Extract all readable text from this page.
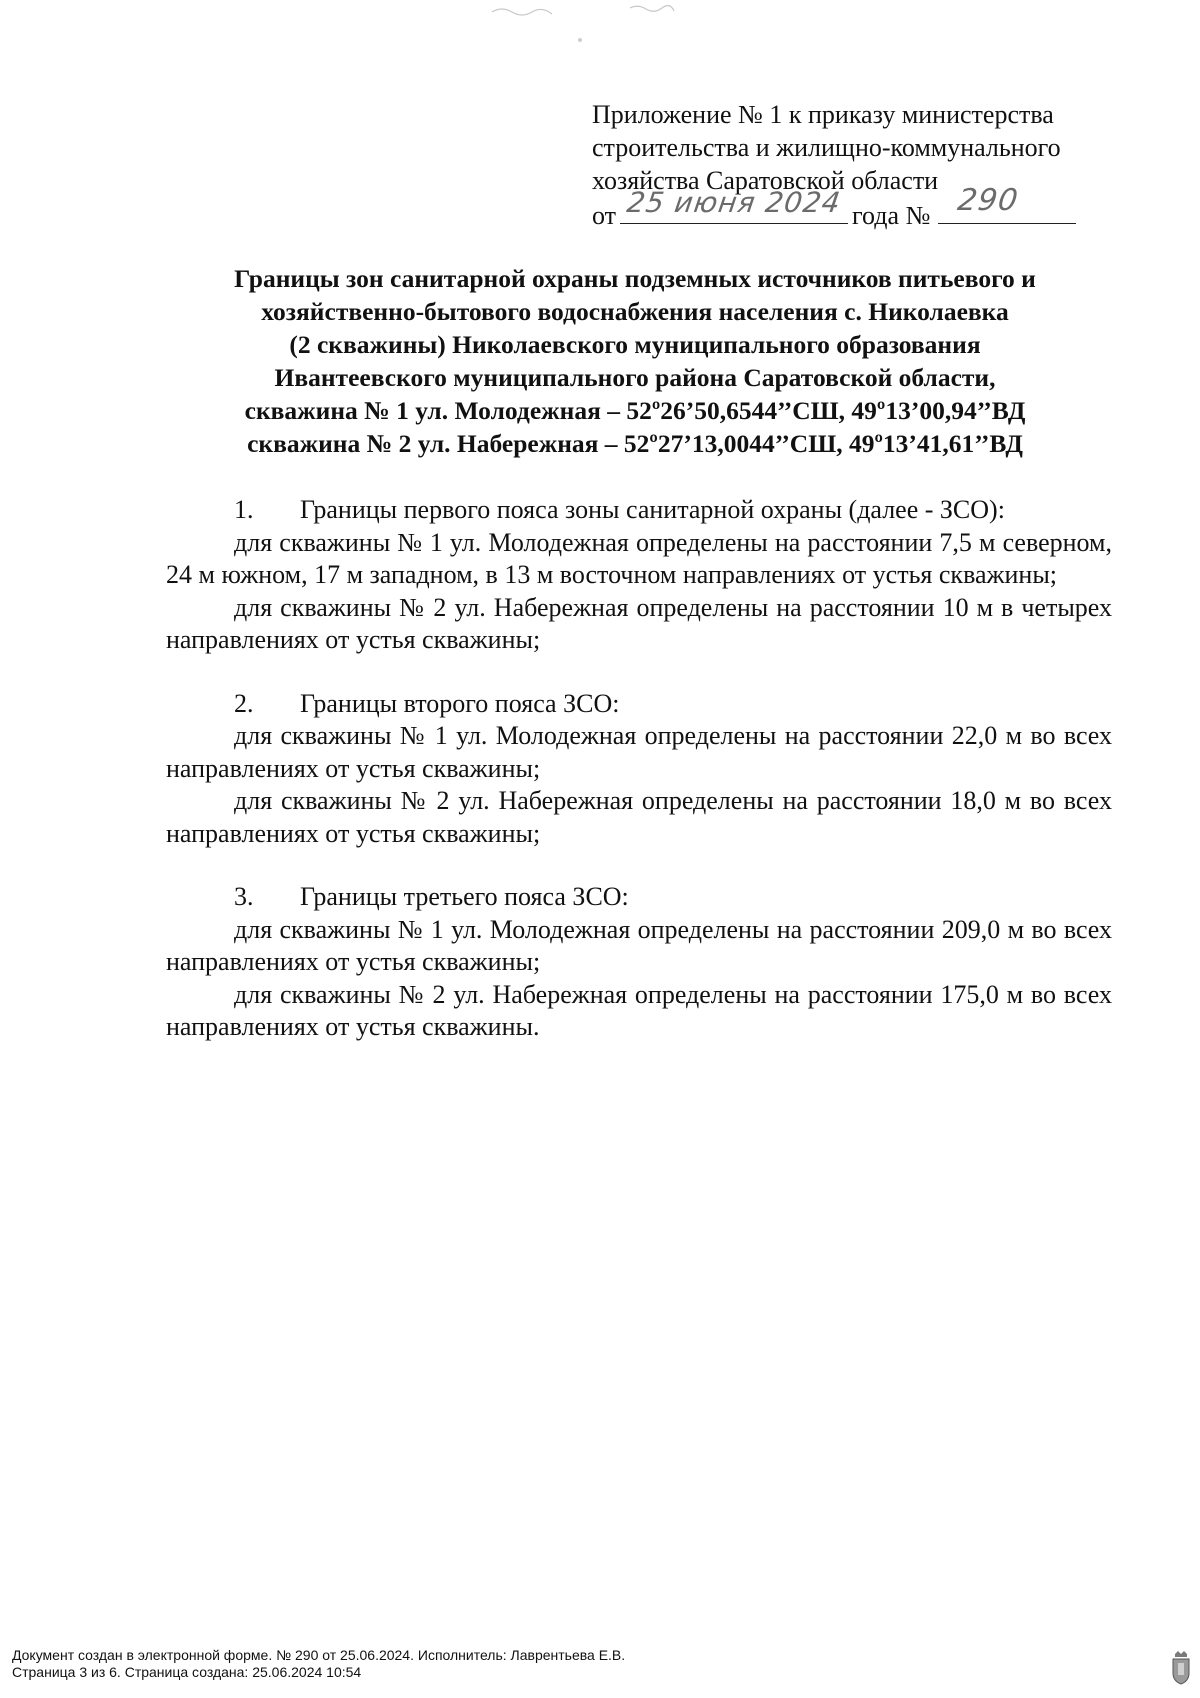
Приложение № 1 к приказу министерства
строительства и жилищно-коммунального
хозяйства Саратовской области
от 25 июня 2024 года № 290
Границы зон санитарной охраны подземных источников питьевого и
хозяйственно-бытового водоснабжения населения с. Николаевка
(2 скважины) Николаевского муниципального образования
Ивантеевского муниципального района Саратовской области,
скважина № 1 ул. Молодежная – 52º26’50,6544’’СШ, 49º13’00,94’’ВД
скважина № 2 ул. Набережная – 52º27’13,0044’’СШ, 49º13’41,61’’ВД
1. Границы первого пояса зоны санитарной охраны (далее - ЗСО):
для скважины № 1 ул. Молодежная определены на расстоянии 7,5 м северном, 24 м южном, 17 м западном, в 13 м восточном направлениях от устья скважины;
для скважины № 2 ул. Набережная определены на расстоянии 10 м в четырех направлениях от устья скважины;
2. Границы второго пояса ЗСО:
для скважины № 1 ул. Молодежная определены на расстоянии 22,0 м во всех направлениях от устья скважины;
для скважины № 2 ул. Набережная определены на расстоянии 18,0 м во всех направлениях от устья скважины;
3. Границы третьего пояса ЗСО:
для скважины № 1 ул. Молодежная определены на расстоянии 209,0 м во всех направлениях от устья скважины;
для скважины № 2 ул. Набережная определены на расстоянии 175,0 м во всех направлениях от устья скважины.
Документ создан в электронной форме. № 290 от 25.06.2024. Исполнитель: Лаврентьева Е.В.
Страница 3 из 6. Страница создана: 25.06.2024 10:54
